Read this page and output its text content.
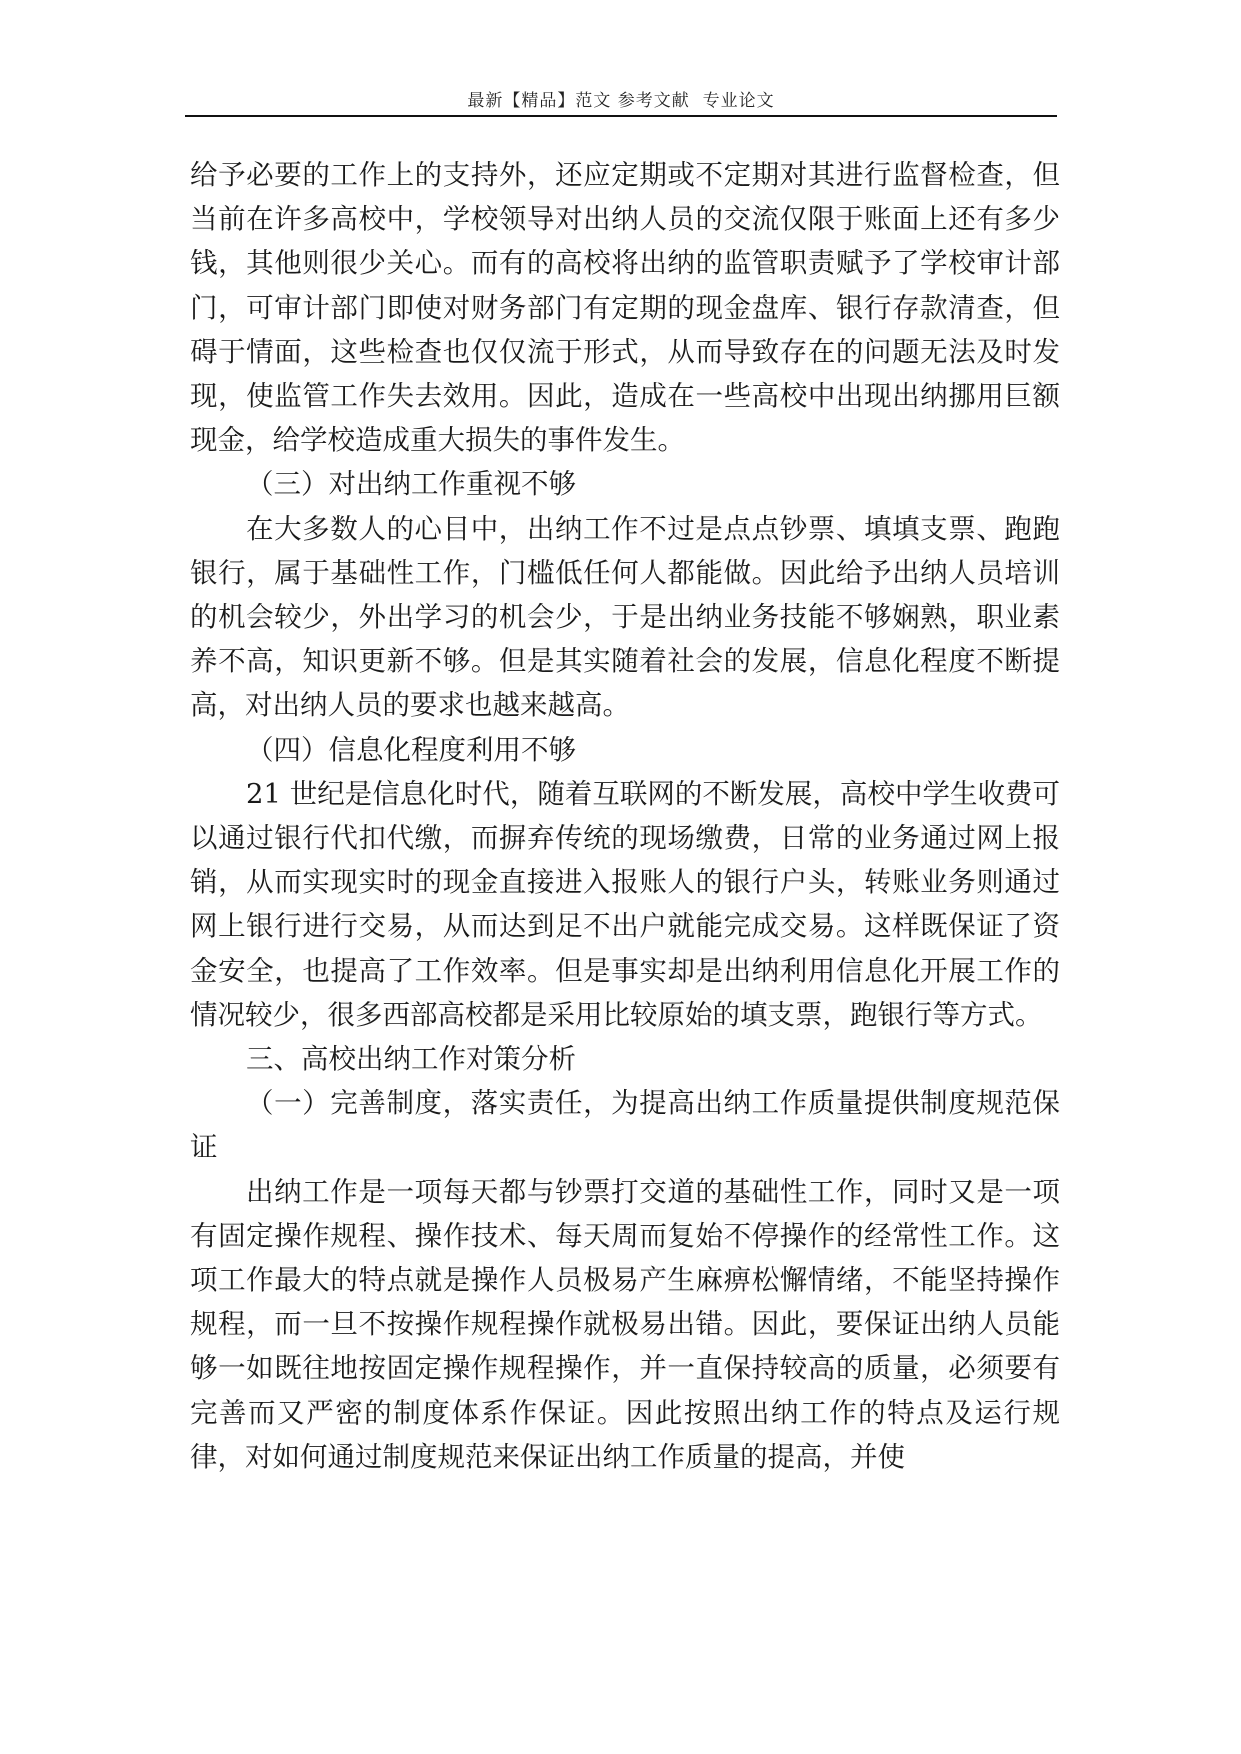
最新【精品】范文 参考文献  专业论文

给予必要的工作上的支持外，还应定期或不定期对其进行监督检查，但当前在许多高校中，学校领导对出纳人员的交流仅限于账面上还有多少钱，其他则很少关心。而有的高校将出纳的监管职责赋予了学校审计部门，可审计部门即使对财务部门有定期的现金盘库、银行存款清查，但碍于情面，这些检查也仅仅流于形式，从而导致存在的问题无法及时发现，使监管工作失去效用。因此，造成在一些高校中出现出纳挪用巨额现金，给学校造成重大损失的事件发生。

（三）对出纳工作重视不够

在大多数人的心目中，出纳工作不过是点点钞票、填填支票、跑跑银行，属于基础性工作，门槛低任何人都能做。因此给予出纳人员培训的机会较少，外出学习的机会少，于是出纳业务技能不够娴熟，职业素养不高，知识更新不够。但是其实随着社会的发展，信息化程度不断提高，对出纳人员的要求也越来越高。

（四）信息化程度利用不够

21 世纪是信息化时代，随着互联网的不断发展，高校中学生收费可以通过银行代扣代缴，而摒弃传统的现场缴费，日常的业务通过网上报销，从而实现实时的现金直接进入报账人的银行户头，转账业务则通过网上银行进行交易，从而达到足不出户就能完成交易。这样既保证了资金安全，也提高了工作效率。但是事实却是出纳利用信息化开展工作的情况较少，很多西部高校都是采用比较原始的填支票，跑银行等方式。

三、高校出纳工作对策分析

（一）完善制度，落实责任，为提高出纳工作质量提供制度规范保证

出纳工作是一项每天都与钞票打交道的基础性工作，同时又是一项有固定操作规程、操作技术、每天周而复始不停操作的经常性工作。这项工作最大的特点就是操作人员极易产生麻痹松懈情绪，不能坚持操作规程，而一旦不按操作规程操作就极易出错。因此，要保证出纳人员能够一如既往地按固定操作规程操作，并一直保持较高的质量，必须要有完善而又严密的制度体系作保证。因此按照出纳工作的特点及运行规律，对如何通过制度规范来保证出纳工作质量的提高，并使
